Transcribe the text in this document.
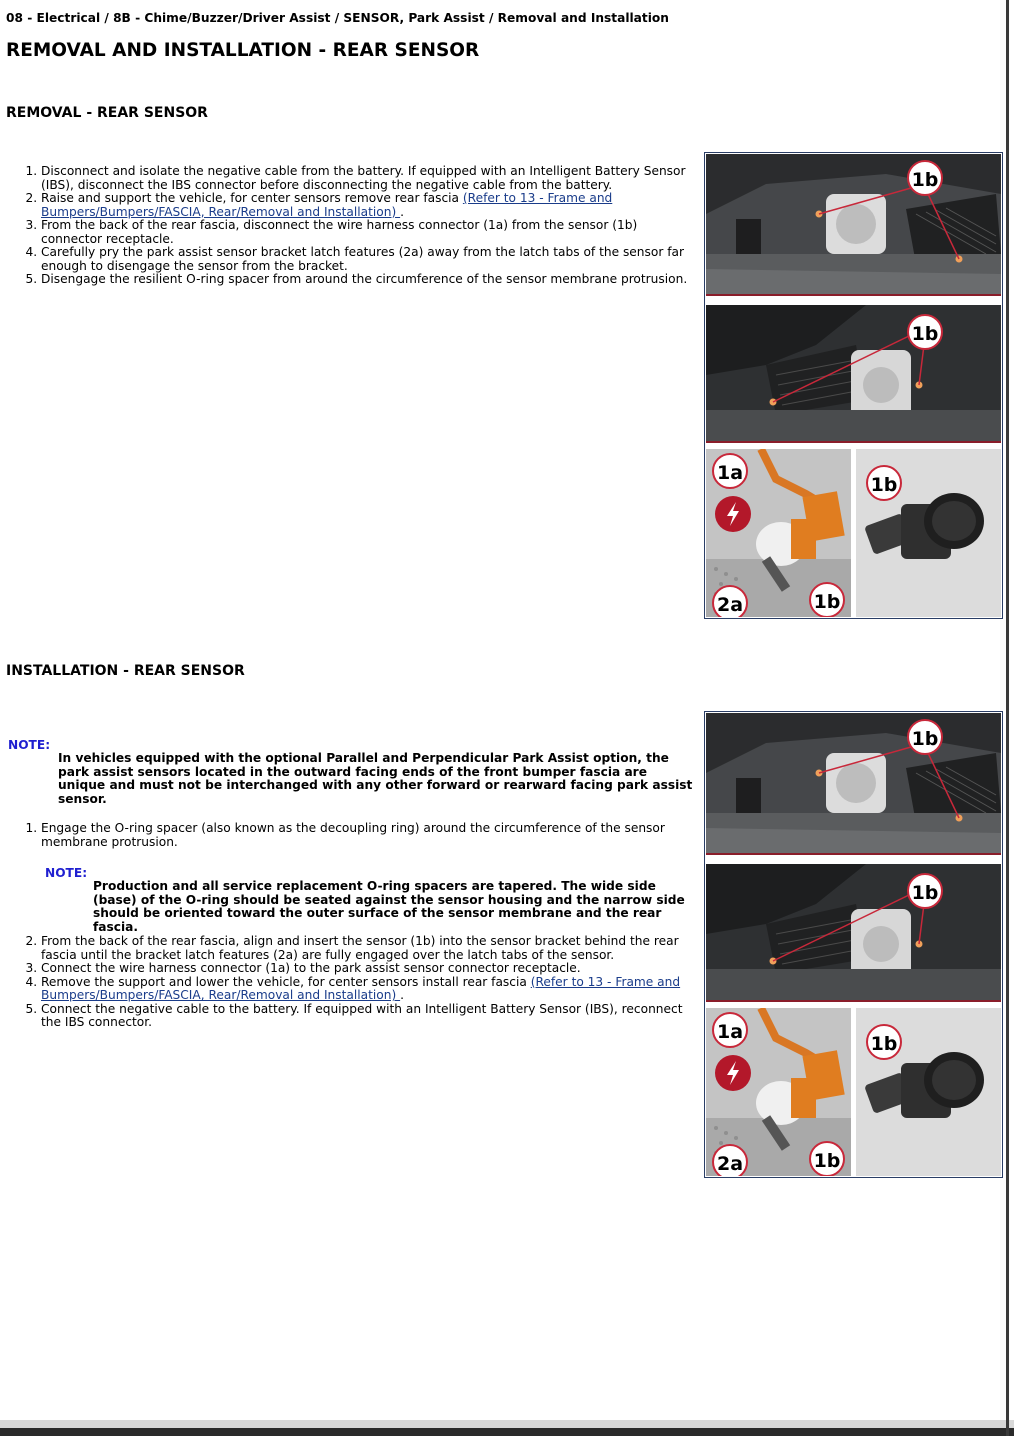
08 - Electrical / 8B - Chime/Buzzer/Driver Assist / SENSOR, Park Assist / Removal and Installation
REMOVAL AND INSTALLATION - REAR SENSOR
REMOVAL - REAR SENSOR
1. Disconnect and isolate the negative cable from the battery. If equipped with an Intelligent Battery Sensor (IBS), disconnect the IBS connector before disconnecting the negative cable from the battery.
2. Raise and support the vehicle, for center sensors remove rear fascia (Refer to 13 - Frame and Bumpers/Bumpers/FASCIA, Rear/Removal and Installation) .
3. From the back of the rear fascia, disconnect the wire harness connector (1a) from the sensor (1b) connector receptacle.
4. Carefully pry the park assist sensor bracket latch features (2a) away from the latch tabs of the sensor far enough to disengage the sensor from the bracket.
5. Disengage the resilient O-ring spacer from around the circumference of the sensor membrane protrusion.
1b
1b
1a
2a	1b
1b
INSTALLATION - REAR SENSOR
NOTE:
In vehicles equipped with the optional Parallel and Perpendicular Park Assist option, the park assist sensors located in the outward facing ends of the front bumper fascia are unique and must not be interchanged with any other forward or rearward facing park assist sensor.
1. Engage the O-ring spacer (also known as the decoupling ring) around the circumference of the sensor membrane protrusion.
NOTE:
Production and all service replacement O-ring spacers are tapered. The wide side (base) of the O-ring should be seated against the sensor housing and the narrow side should be oriented toward the outer surface of the sensor membrane and the rear fascia.
2. From the back of the rear fascia, align and insert the sensor (1b) into the sensor bracket behind the rear fascia until the bracket latch features (2a) are fully engaged over the latch tabs of the sensor.
3. Connect the wire harness connector (1a) to the park assist sensor connector receptacle.
4. Remove the support and lower the vehicle, for center sensors install rear fascia (Refer to 13 - Frame and Bumpers/Bumpers/FASCIA, Rear/Removal and Installation) .
5. Connect the negative cable to the battery. If equipped with an Intelligent Battery Sensor (IBS), reconnect the IBS connector.
1b
1b
1a
2a	1b
1b
